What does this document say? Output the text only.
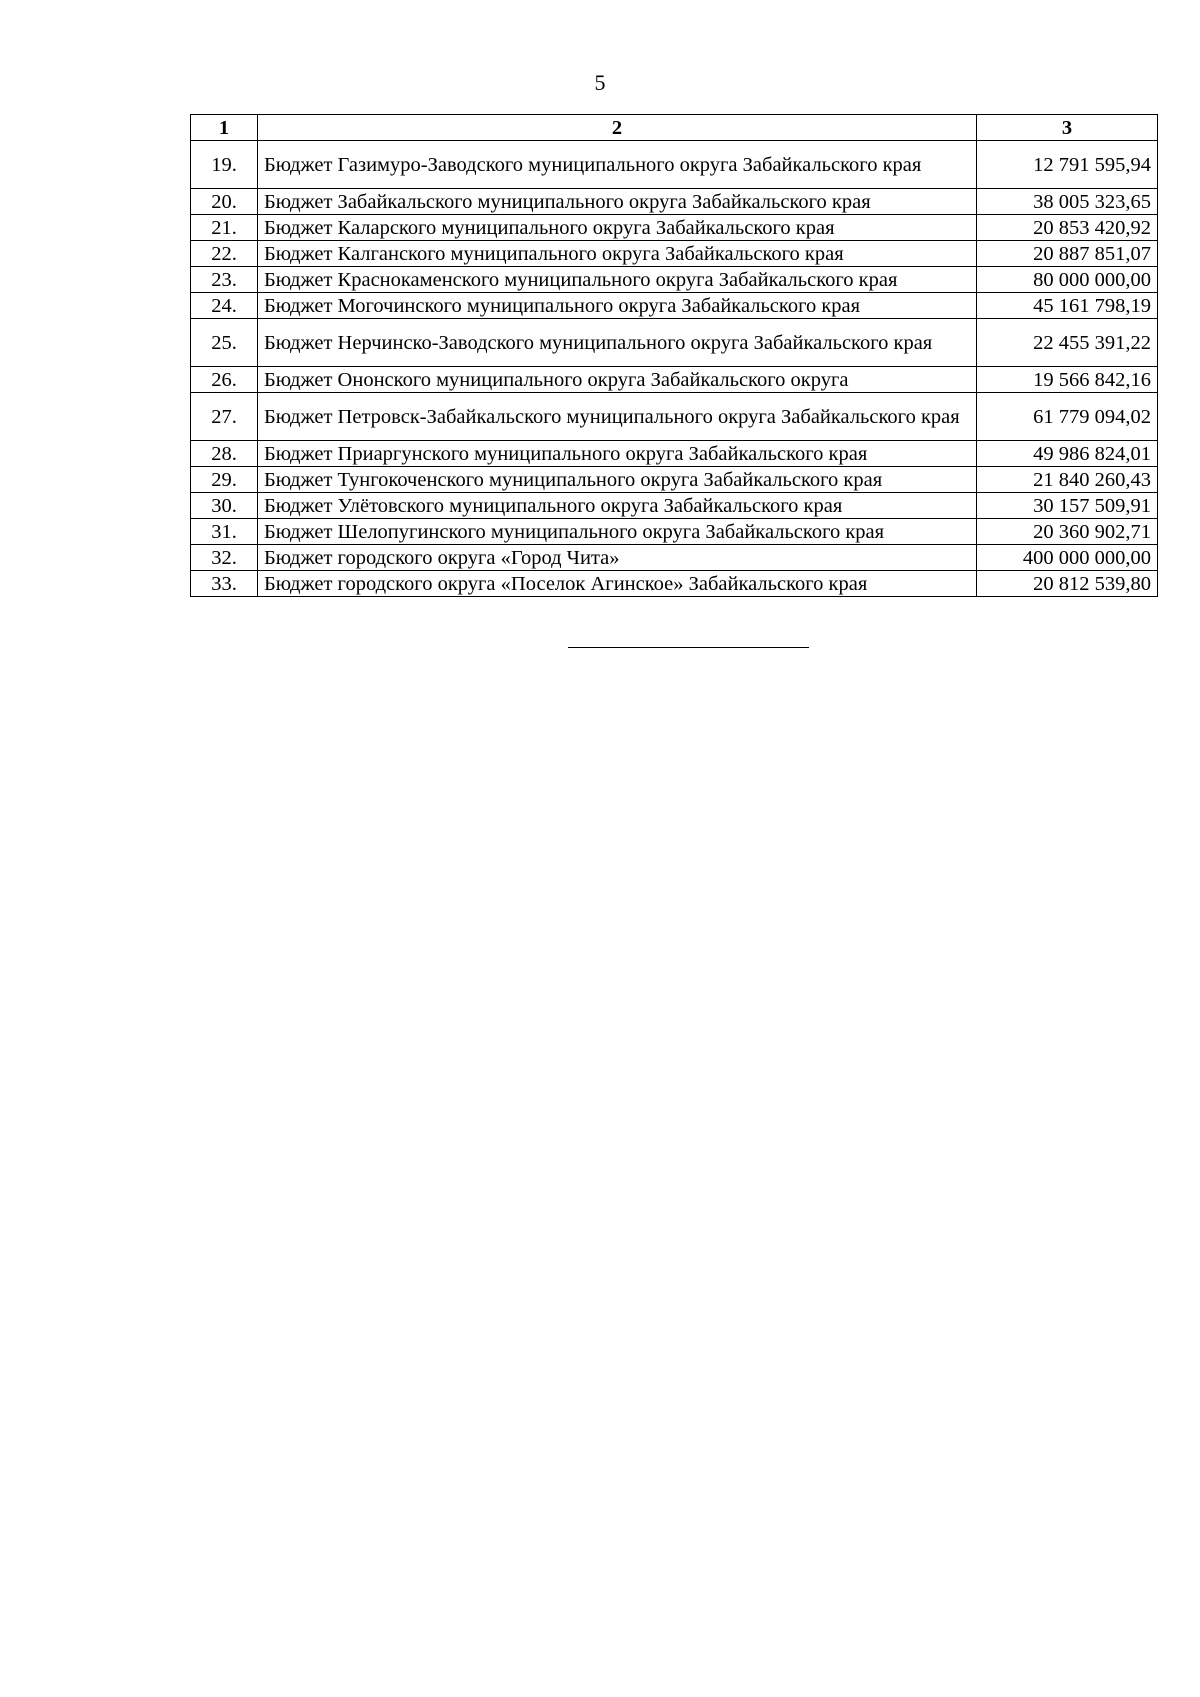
5
1	2	3
19.	Бюджет Газимуро-Заводского муниципального округа Забайкальского края	12 791 595,94
20.	Бюджет Забайкальского муниципального округа Забайкальского края	38 005 323,65
21.	Бюджет Каларского муниципального округа Забайкальского края	20 853 420,92
22.	Бюджет Калганского муниципального округа Забайкальского края	20 887 851,07
23.	Бюджет Краснокаменского муниципального округа Забайкальского края	80 000 000,00
24.	Бюджет Могочинского муниципального округа Забайкальского края	45 161 798,19
25.	Бюджет Нерчинско-Заводского муниципального округа Забайкальского края	22 455 391,22
26.	Бюджет Ононского муниципального округа Забайкальского округа	19 566 842,16
27.	Бюджет Петровск-Забайкальского муниципального округа Забайкальского края	61 779 094,02
28.	Бюджет Приаргунского муниципального округа Забайкальского края	49 986 824,01
29.	Бюджет Тунгокоченского муниципального округа Забайкальского края	21 840 260,43
30.	Бюджет Улётовского муниципального округа Забайкальского края	30 157 509,91
31.	Бюджет Шелопугинского муниципального округа Забайкальского края	20 360 902,71
32.	Бюджет городского округа «Город Чита»	400 000 000,00
33.	Бюджет городского округа «Поселок Агинское» Забайкальского края	20 812 539,80
